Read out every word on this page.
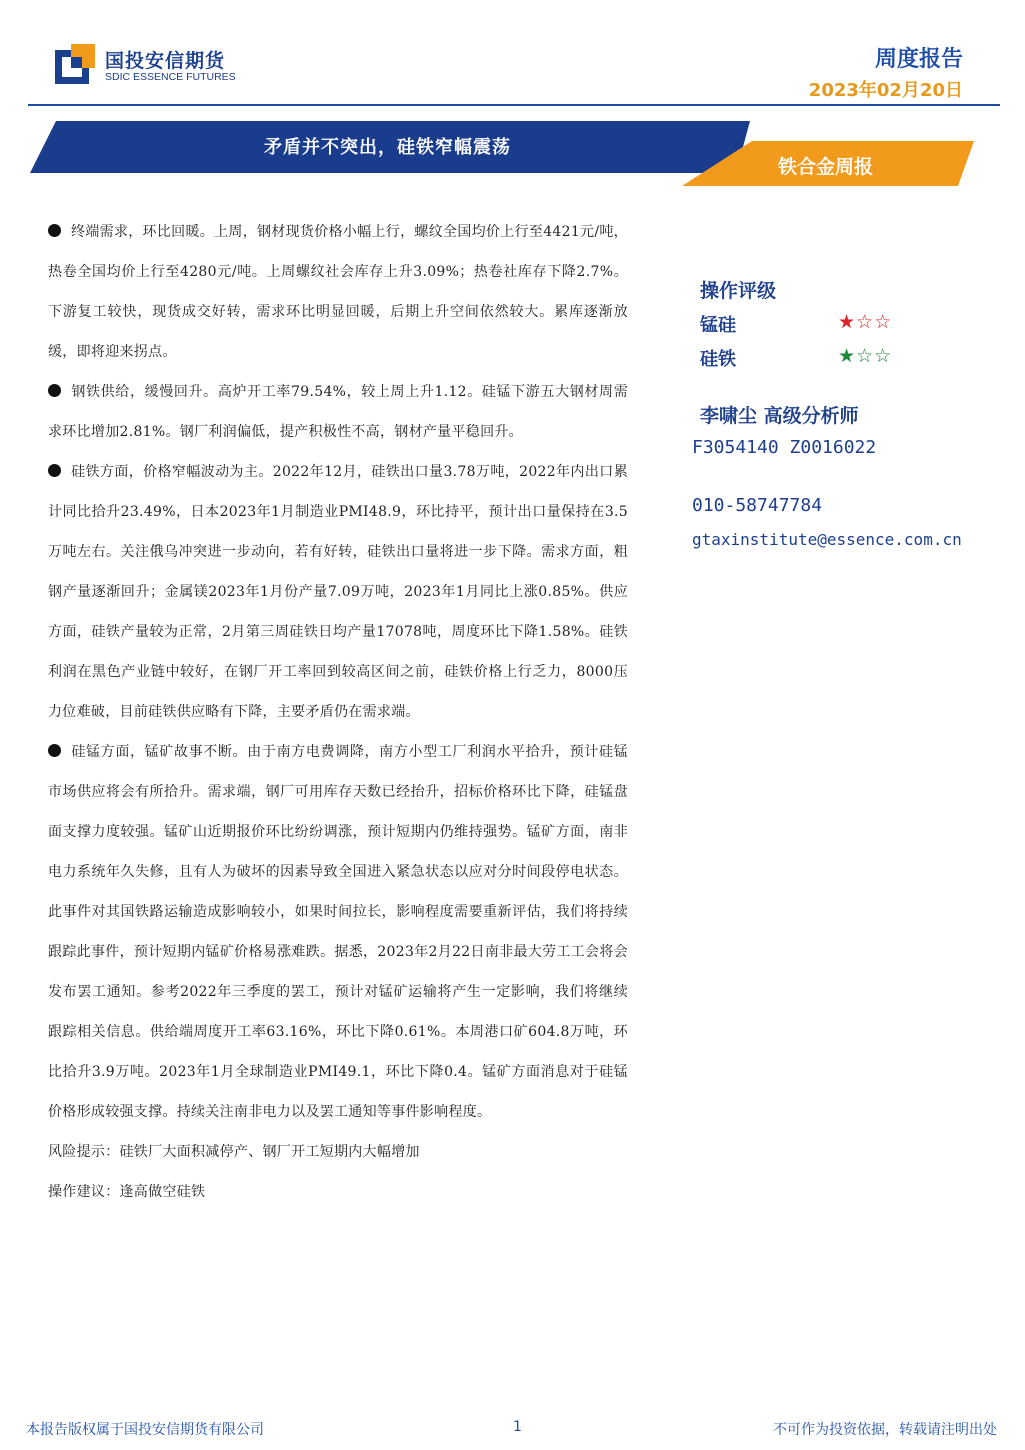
国投安信期货
SDIC ESSENCE FUTURES
周度报告
2023年02月20日
矛盾并不突出，硅铁窄幅震荡
铁合金周报

终端需求，环比回暖。上周，钢材现货价格小幅上行，螺纹全国均价上行至4421元/吨，热卷全国均价上行至4280元/吨。上周螺纹社会库存上升3.09%；热卷社库存下降2.7%。下游复工较快，现货成交好转，需求环比明显回暖，后期上升空间依然较大。累库逐渐放缓，即将迎来拐点。

钢铁供给，缓慢回升。高炉开工率79.54%，较上周上升1.12。硅锰下游五大钢材周需求环比增加2.81%。钢厂利润偏低，提产积极性不高，钢材产量平稳回升。

硅铁方面，价格窄幅波动为主。2022年12月，硅铁出口量3.78万吨，2022年内出口累计同比拾升23.49%，日本2023年1月制造业PMI48.9，环比持平，预计出口量保持在3.5万吨左右。关注俄乌冲突进一步动向，若有好转，硅铁出口量将进一步下降。需求方面，粗钢产量逐渐回升；金属镁2023年1月份产量7.09万吨，2023年1月同比上涨0.85%。供应方面，硅铁产量较为正常，2月第三周硅铁日均产量17078吨，周度环比下降1.58%。硅铁利润在黑色产业链中较好，在钢厂开工率回到较高区间之前，硅铁价格上行乏力，8000压力位难破，目前硅铁供应略有下降，主要矛盾仍在需求端。

硅锰方面，锰矿故事不断。由于南方电费调降，南方小型工厂利润水平拾升，预计硅锰市场供应将会有所拾升。需求端，钢厂可用库存天数已经抬升，招标价格环比下降，硅锰盘面支撑力度较强。锰矿山近期报价环比纷纷调涨，预计短期内仍维持强势。锰矿方面，南非电力系统年久失修，且有人为破坏的因素导致全国进入紧急状态以应对分时间段停电状态。此事件对其国铁路运输造成影响较小，如果时间拉长，影响程度需要重新评估，我们将持续跟踪此事件，预计短期内锰矿价格易涨难跌。据悉，2023年2月22日南非最大劳工工会将会发布罢工通知。参考2022年三季度的罢工，预计对锰矿运输将产生一定影响，我们将继续跟踪相关信息。供给端周度开工率63.16%，环比下降0.61%。本周港口矿604.8万吨，环比拾升3.9万吨。2023年1月全球制造业PMI49.1，环比下降0.4。锰矿方面消息对于硅锰价格形成较强支撑。持续关注南非电力以及罢工通知等事件影响程度。

风险提示：硅铁厂大面积减停产、钢厂开工短期内大幅增加

操作建议：逢高做空硅铁

操作评级
锰硅	★☆☆
硅铁	★☆☆
李啸尘 高级分析师
F3054140 Z0016022
010-58747784
gtaxinstitute@essence.com.cn
本报告版权属于国投安信期货有限公司	1	不可作为投资依据，转载请注明出处
